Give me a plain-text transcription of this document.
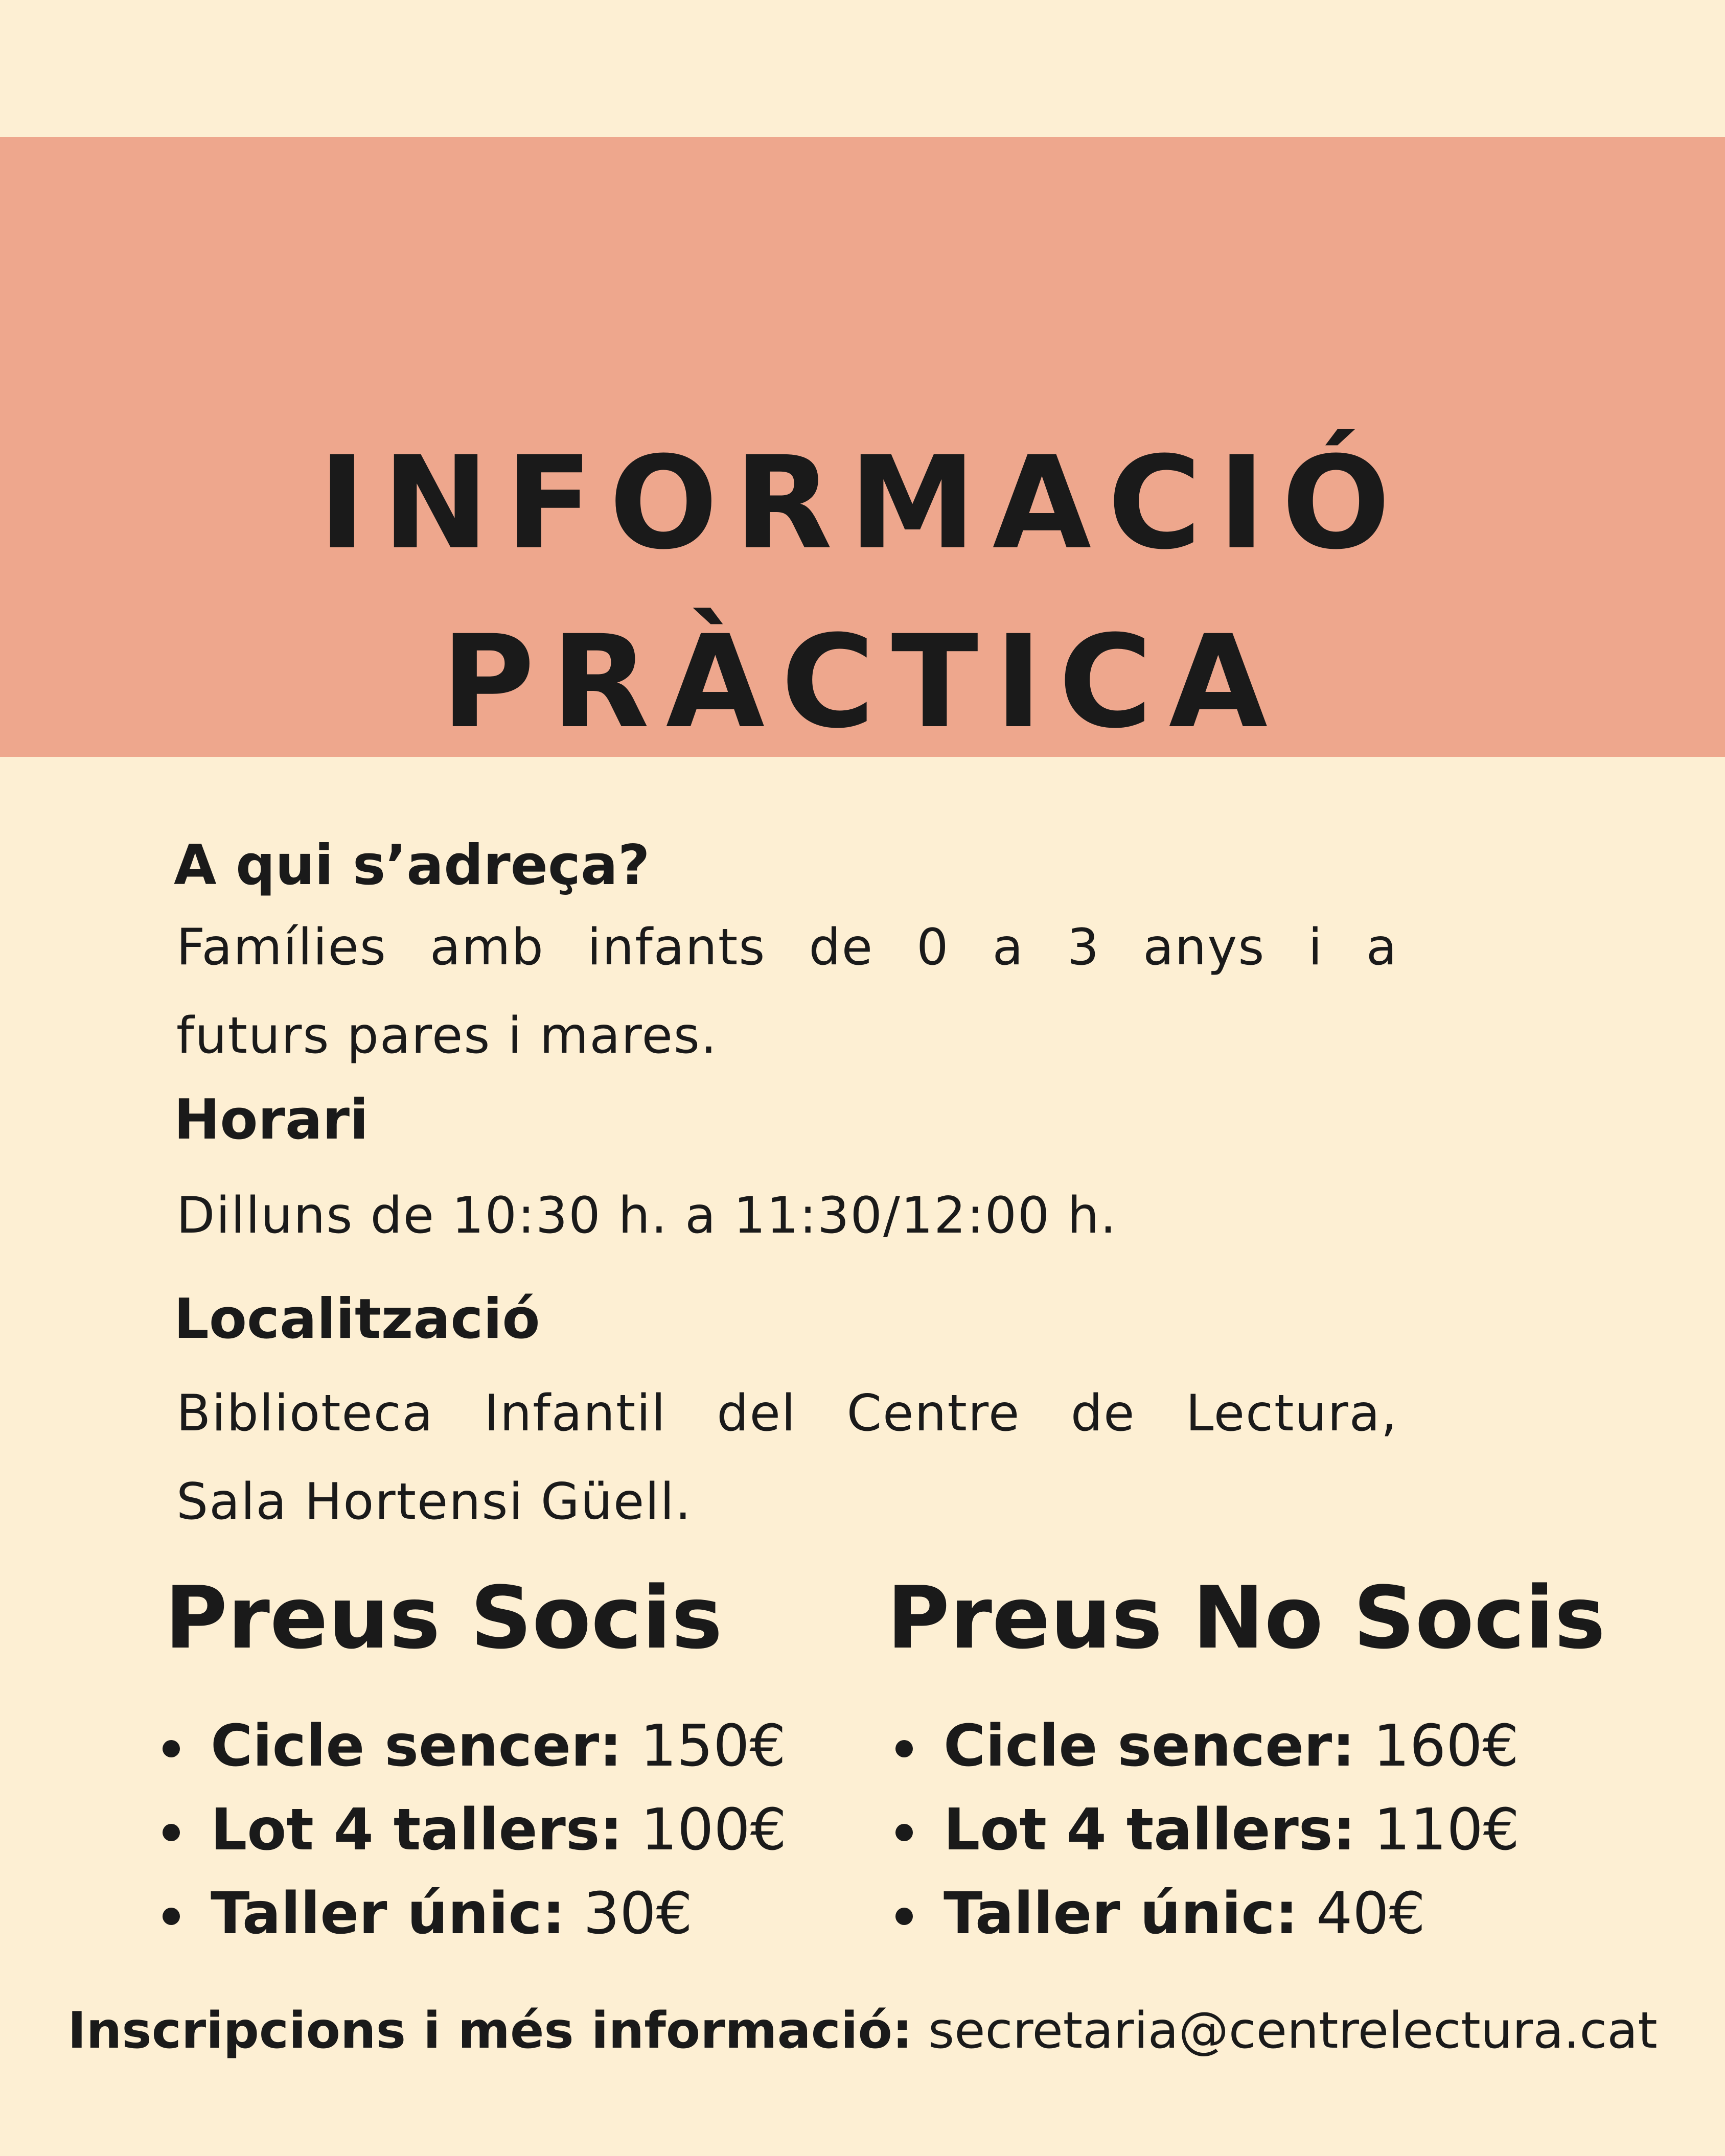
INFORMACIÓ
PRÀCTICA
A qui s’adreça?
Famílies amb infants de 0 a 3 anys i a
futurs pares i mares.
Horari
Dilluns de 10:30 h. a 11:30/12:00 h.
Localització
Biblioteca Infantil del Centre de Lectura,
Sala Hortensi Güell.
Preus Socis
Cicle sencer: 150€
Lot 4 tallers: 100€
Taller únic: 30€
Preus No Socis
Cicle sencer: 160€
Lot 4 tallers: 110€
Taller únic: 40€
Inscripcions i més informació: secretaria@centrelectura.cat
